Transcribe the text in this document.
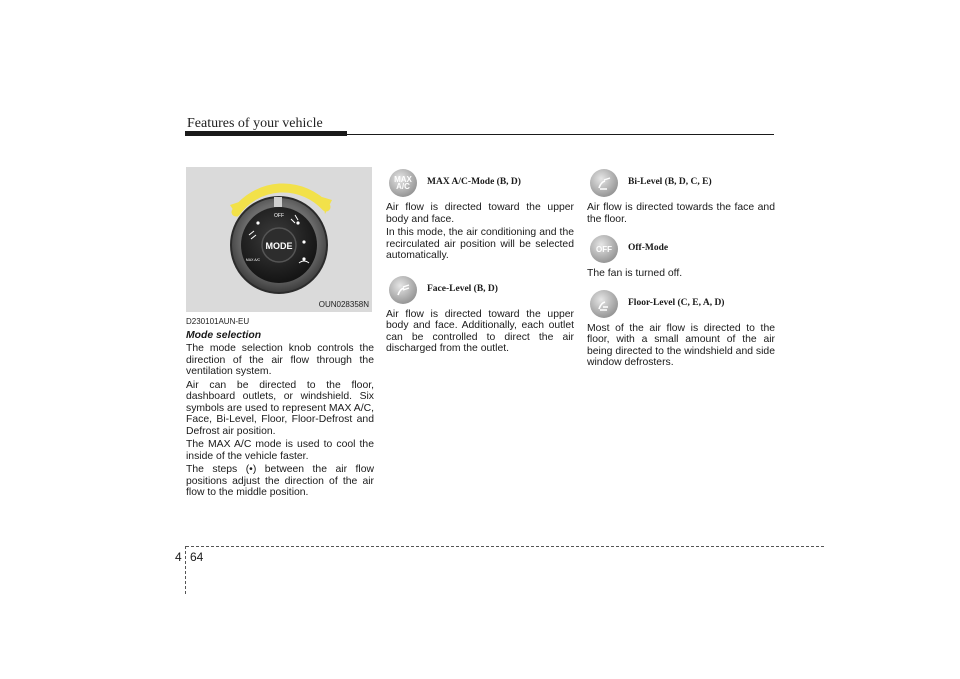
Features of your vehicle
MODE
OFF
MAX A/C
OUN028358N
D230101AUN-EU
Mode selection

The mode selection knob controls the direction of the air flow through the ventilation system.

Air can be directed to the floor, dashboard outlets, or windshield. Six symbols are used to represent MAX A/C, Face, Bi-Level, Floor, Floor-Defrost and Defrost air position.

The MAX A/C mode is used to cool the inside of the vehicle faster.

The steps (•) between the air flow positions adjust the direction of the air flow to the middle position.

MAX A/C	MAX A/C-Mode (B, D)

Air flow is directed toward the upper body and face.

In this mode, the air conditioning and the recirculated air position will be selected automatically.

Face-Level (B, D)

Air flow is directed toward the upper body and face. Additionally, each outlet can be controlled to direct the air discharged from the outlet.

Bi-Level (B, D, C, E)

Air flow is directed towards the face and the floor.

OFF Off-Mode

The fan is turned off.

Floor-Level (C, E, A, D)

Most of the air flow is directed to the floor, with a small amount of the air being directed to the windshield and side window defrosters.

4 64
